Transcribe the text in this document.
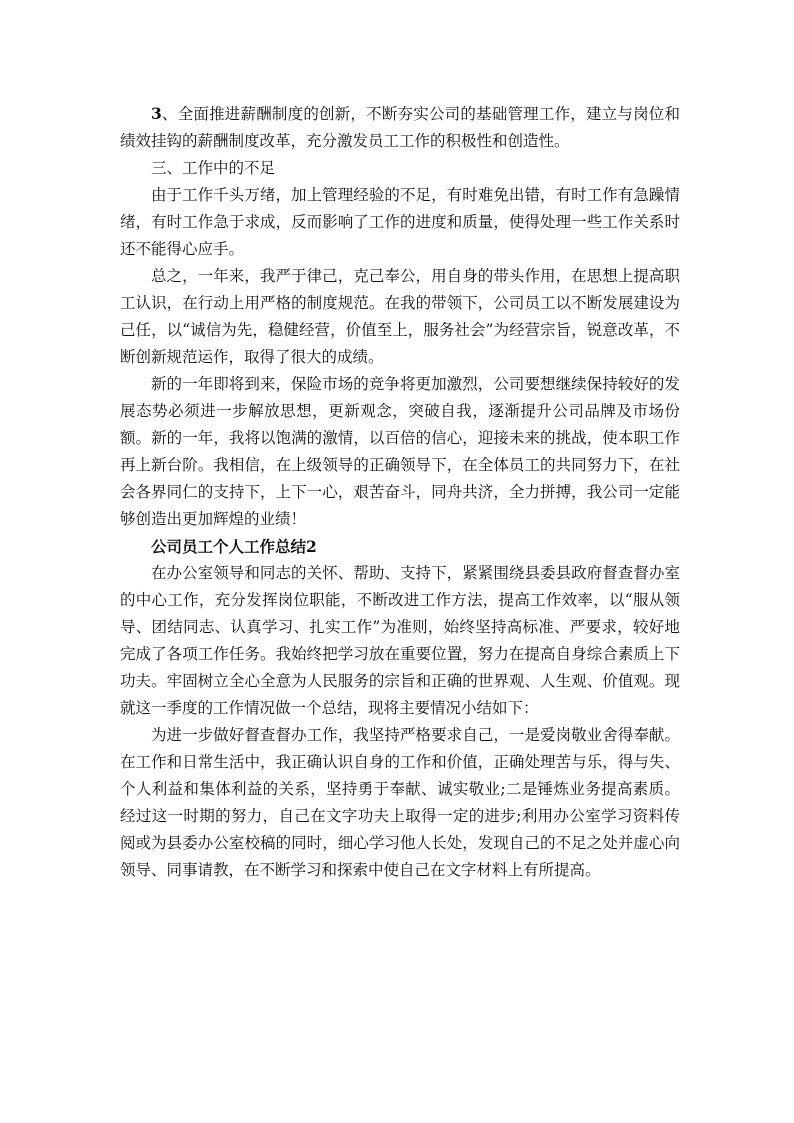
3、全面推进薪酬制度的创新，不断夯实公司的基础管理工作，建立与岗位和绩效挂钩的薪酬制度改革，充分激发员工工作的积极性和创造性。

三、工作中的不足

由于工作千头万绪，加上管理经验的不足，有时难免出错，有时工作有急躁情绪，有时工作急于求成，反而影响了工作的进度和质量，使得处理一些工作关系时还不能得心应手。

总之，一年来，我严于律己，克己奉公，用自身的带头作用，在思想上提高职工认识，在行动上用严格的制度规范。在我的带领下，公司员工以不断发展建设为己任，以“诚信为先，稳健经营，价值至上，服务社会”为经营宗旨，锐意改革，不断创新规范运作，取得了很大的成绩。

新的一年即将到来，保险市场的竞争将更加激烈，公司要想继续保持较好的发展态势必须进一步解放思想，更新观念，突破自我，逐渐提升公司品牌及市场份额。新的一年，我将以饱满的激情，以百倍的信心，迎接未来的挑战，使本职工作再上新台阶。我相信，在上级领导的正确领导下，在全体员工的共同努力下，在社会各界同仁的支持下，上下一心，艰苦奋斗，同舟共济，全力拼搏，我公司一定能够创造出更加辉煌的业绩！

公司员工个人工作总结2

在办公室领导和同志的关怀、帮助、支持下，紧紧围绕县委县政府督查督办室的中心工作，充分发挥岗位职能，不断改进工作方法，提高工作效率，以“服从领导、团结同志、认真学习、扎实工作”为准则，始终坚持高标准、严要求，较好地完成了各项工作任务。我始终把学习放在重要位置，努力在提高自身综合素质上下功夫。牢固树立全心全意为人民服务的宗旨和正确的世界观、人生观、价值观。现就这一季度的工作情况做一个总结，现将主要情况小结如下：

为进一步做好督查督办工作，我坚持严格要求自己，一是爱岗敬业舍得奉献。在工作和日常生活中，我正确认识自身的工作和价值，正确处理苦与乐，得与失、个人利益和集体利益的关系，坚持勇于奉献、诚实敬业;二是锤炼业务提高素质。经过这一时期的努力，自己在文字功夫上取得一定的进步;利用办公室学习资料传阅或为县委办公室校稿的同时，细心学习他人长处，发现自己的不足之处并虚心向领导、同事请教，在不断学习和探索中使自己在文字材料上有所提高。
